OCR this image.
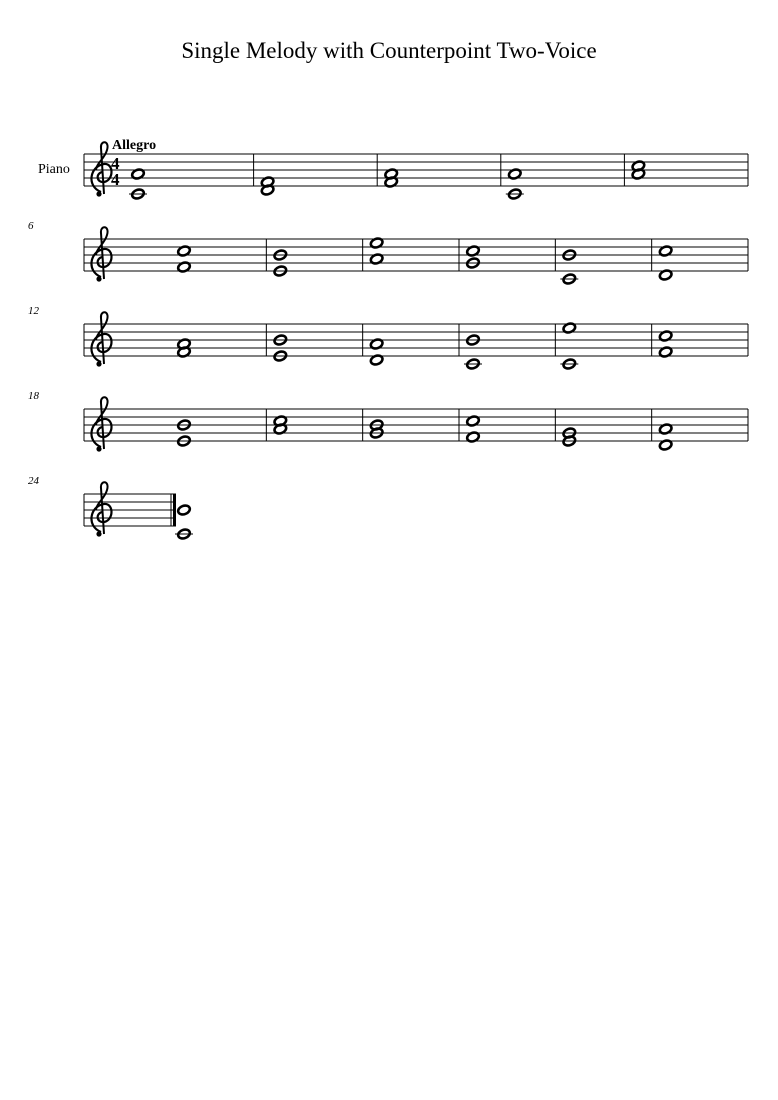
Single Melody with Counterpoint Two-Voice
Piano
Allegro
4
4
6
12
18
24
